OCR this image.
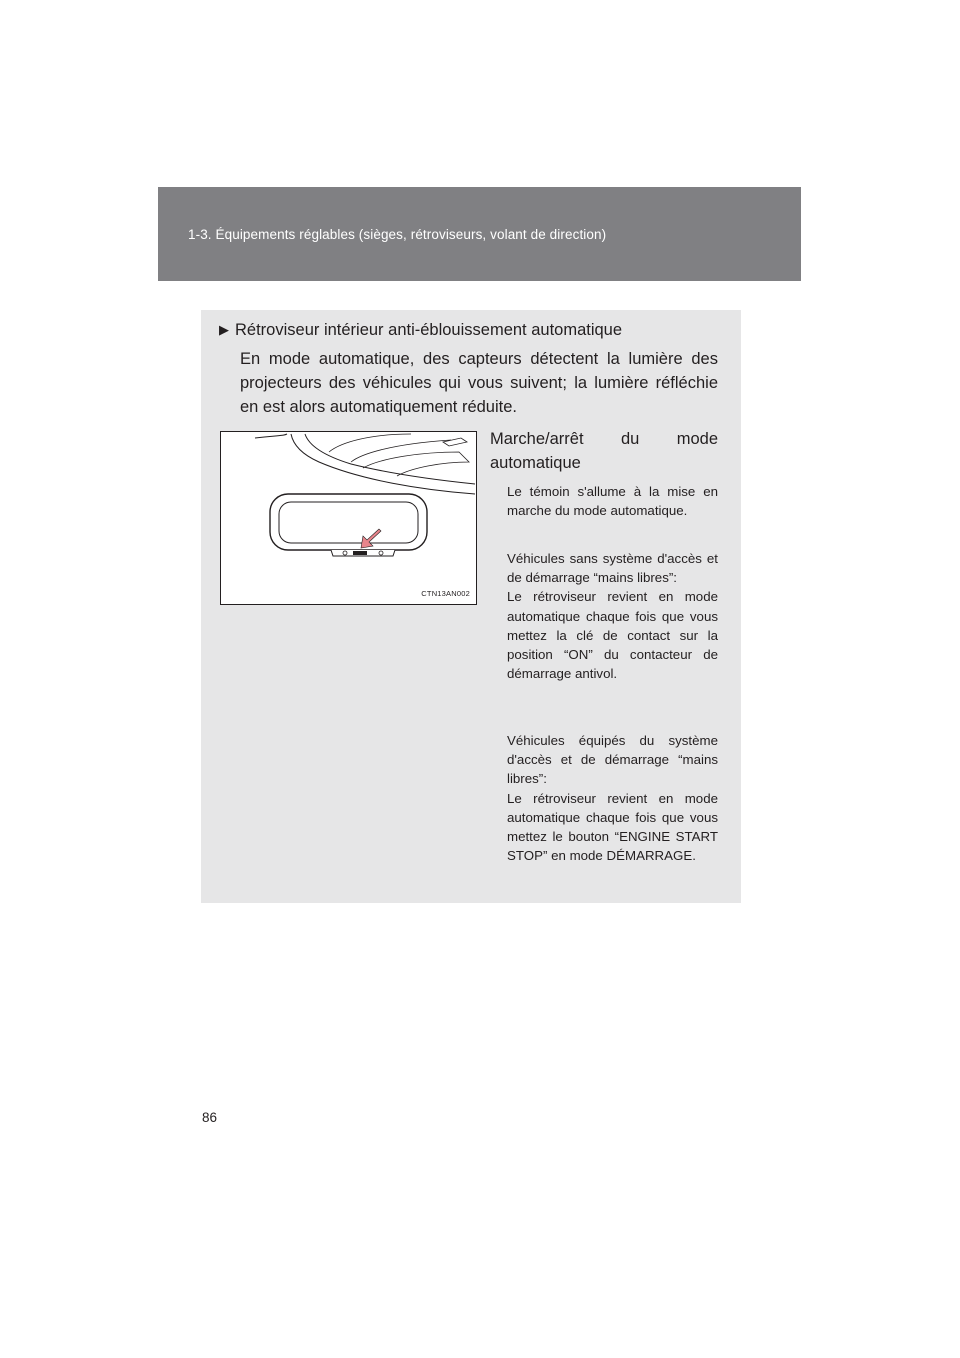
1-3. Équipements réglables (sièges, rétroviseurs, volant de direction)
▶ Rétroviseur intérieur anti-éblouissement automatique
En mode automatique, des capteurs détectent la lumière des projecteurs des véhicules qui vous suivent; la lumière réfléchie en est alors automatiquement réduite.
CTN13AN002
Marche/arrêt du mode
automatique
Le témoin s'allume à la mise en marche du mode automatique.
Véhicules sans système d'accès et de démarrage “mains libres”:
Le rétroviseur revient en mode automatique chaque fois que vous mettez la clé de contact sur la position “ON” du contacteur de démarrage antivol.
Véhicules équipés du système d'accès et de démarrage “mains libres”:
Le rétroviseur revient en mode automatique chaque fois que vous mettez le bouton “ENGINE START STOP” en mode DÉMARRAGE.
86
